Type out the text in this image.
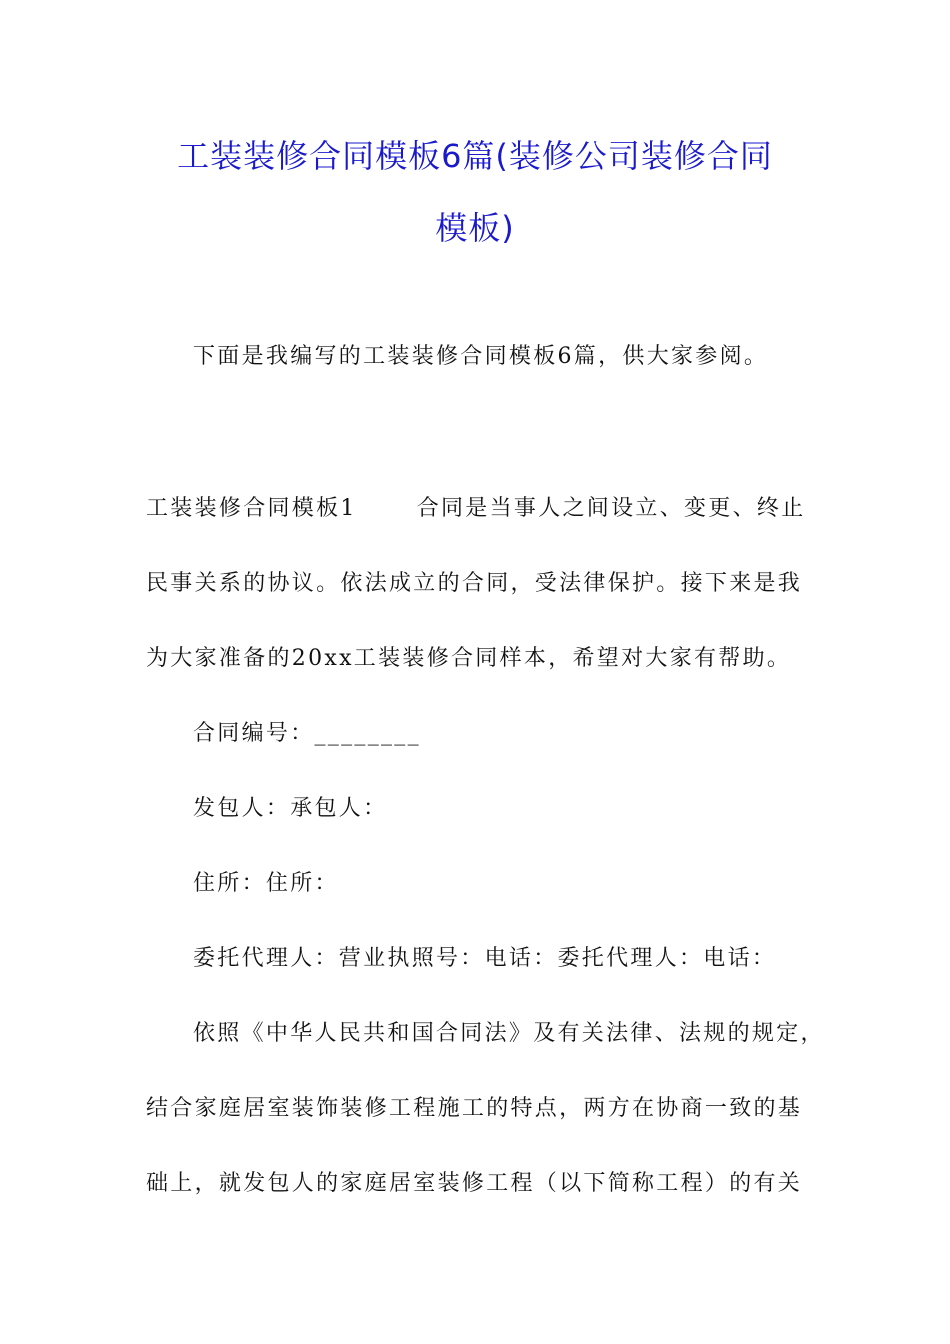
工装装修合同模板6篇(装修公司装修合同
模板)
下面是我编写的工装装修合同模板6篇，供大家参阅。
工装装修合同模板1	合同是当事人之间设立、变更、终止
民事关系的协议。依法成立的合同，受法律保护。接下来是我
为大家准备的20xx工装装修合同样本，希望对大家有帮助。
合同编号：________
发包人：承包人：
住所：住所：
委托代理人：营业执照号：电话：委托代理人：电话：
依照《中华人民共和国合同法》及有关法律、法规的规定，
结合家庭居室装饰装修工程施工的特点，两方在协商一致的基
础上，就发包人的家庭居室装修工程（以下简称工程）的有关
